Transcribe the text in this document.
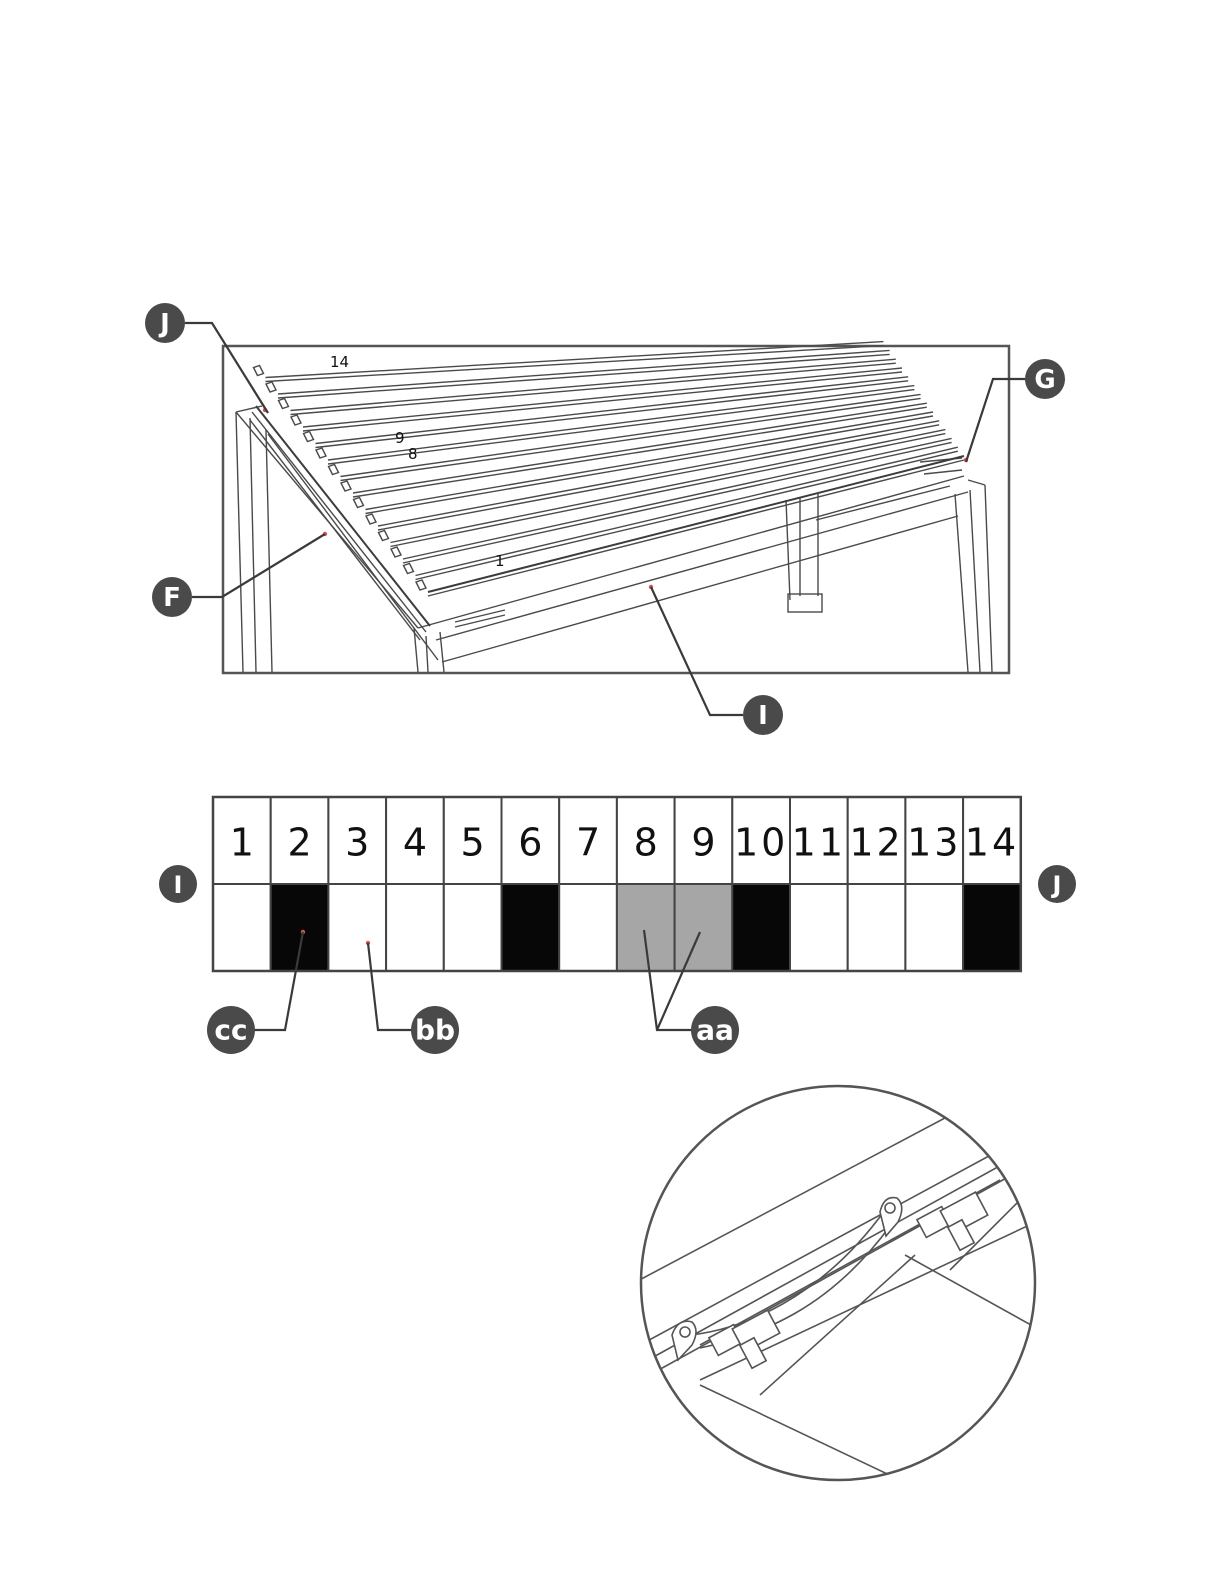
14
9
8
1
J
G
F
I
1 2 3 4 5 6 7 8 9 10 11 12 13 14
I	J
cc	bb	aa
